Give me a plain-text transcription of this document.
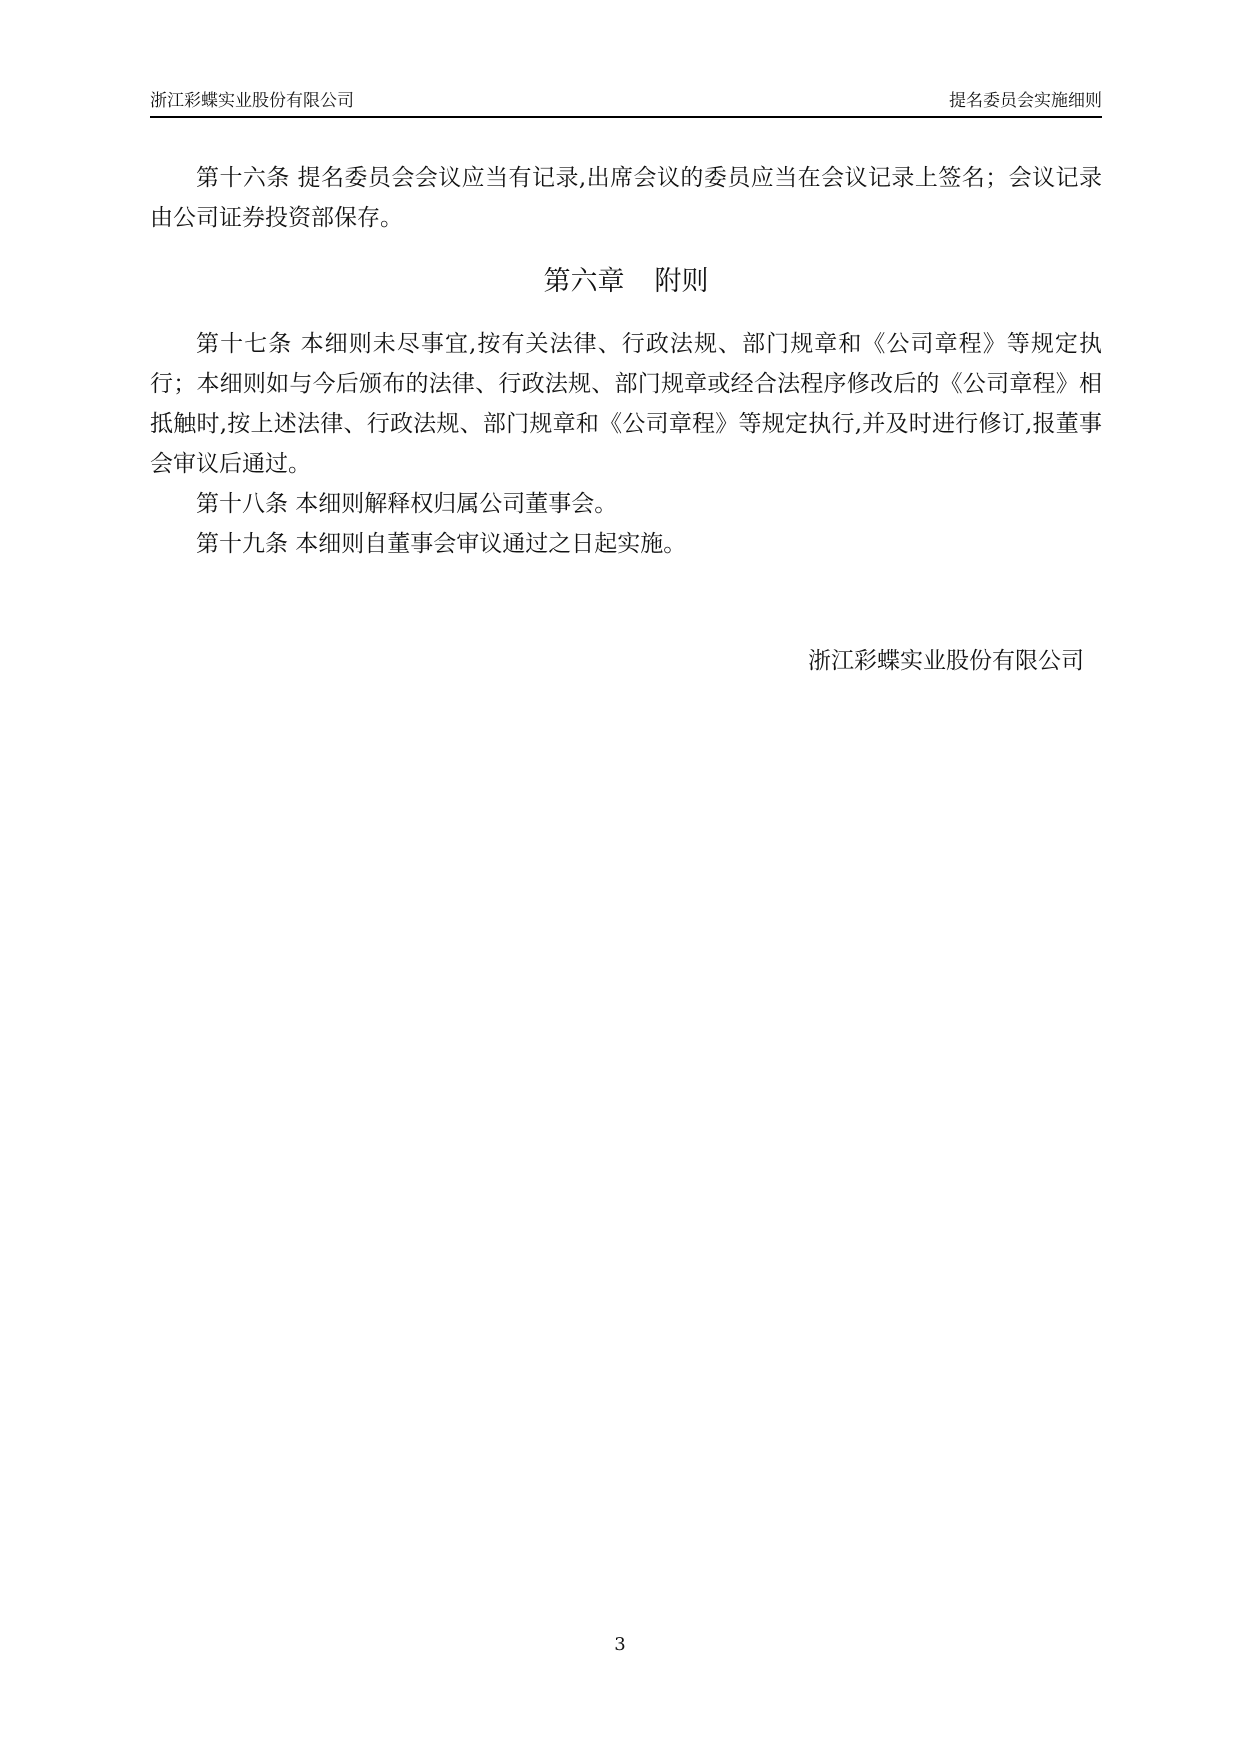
浙江彩蝶实业股份有限公司	提名委员会实施细则

第十六条 提名委员会会议应当有记录,出席会议的委员应当在会议记录上签名；会议记录由公司证券投资部保存。

第六章 附则

第十七条 本细则未尽事宜,按有关法律、行政法规、部门规章和《公司章程》等规定执行；本细则如与今后颁布的法律、行政法规、部门规章或经合法程序修改后的《公司章程》相抵触时,按上述法律、行政法规、部门规章和《公司章程》等规定执行,并及时进行修订,报董事会审议后通过。

第十八条 本细则解释权归属公司董事会。

第十九条 本细则自董事会审议通过之日起实施。

浙江彩蝶实业股份有限公司
3
